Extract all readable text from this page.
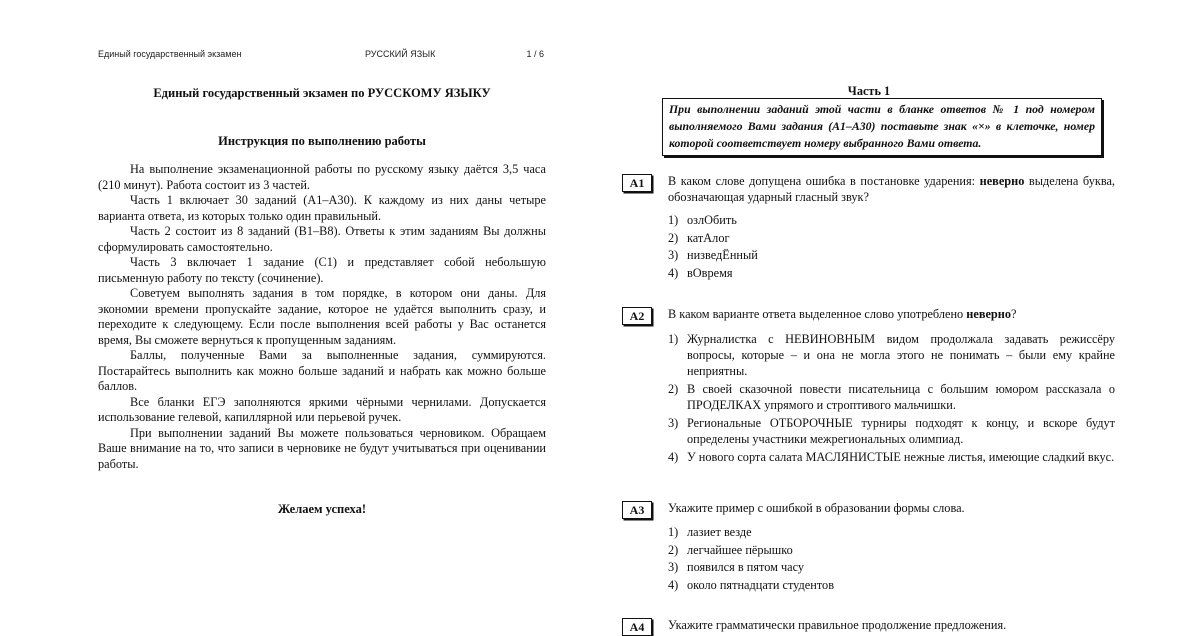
Единый государственный экзамен	РУССКИЙ ЯЗЫК	1 / 6
Единый государственный экзамен по РУССКОМУ ЯЗЫКУ
Инструкция по выполнению работы

На выполнение экзаменационной работы по русскому языку даётся 3,5 часа (210 минут). Работа состоит из 3 частей.

Часть 1 включает 30 заданий (А1–А30). К каждому из них даны четыре варианта ответа, из которых только один правильный.

Часть 2 состоит из 8 заданий (В1–В8). Ответы к этим заданиям Вы должны сформулировать самостоятельно.

Часть 3 включает 1 задание (С1) и представляет собой небольшую письменную работу по тексту (сочинение).

Советуем выполнять задания в том порядке, в котором они даны. Для экономии времени пропускайте задание, которое не удаётся выполнить сразу, и переходите к следующему. Если после выполнения всей работы у Вас останется время, Вы сможете вернуться к пропущенным заданиям.

Баллы, полученные Вами за выполненные задания, суммируются. Постарайтесь выполнить как можно больше заданий и набрать как можно больше баллов.

Все бланки ЕГЭ заполняются яркими чёрными чернилами. Допускается использование гелевой, капиллярной или перьевой ручек.

При выполнении заданий Вы можете пользоваться черновиком. Обращаем Ваше внимание на то, что записи в черновике не будут учитываться при оценивании работы.

Желаем успеха!

Часть 1
При выполнении заданий этой части в бланке ответов № 1 под номером выполняемого Вами задания (А1–А30) поставьте знак «×» в клеточке, номер которой соответствует номеру выбранного Вами ответа.
А1	В каком слове допущена ошибка в постановке ударения: неверно выделена буква, обозначающая ударный гласный звук?
1) озлОбить
2) катАлог
3) низведЁнный
4) вОвремя
А2	В каком варианте ответа выделенное слово употреблено неверно?
1) Журналистка с НЕВИНОВНЫМ видом продолжала задавать режиссёру вопросы, которые – и она не могла этого не понимать – были ему крайне неприятны.
2) В своей сказочной повести писательница с большим юмором рассказала о ПРОДЕЛКАХ упрямого и строптивого мальчишки.
3) Региональные ОТБОРОЧНЫЕ турниры подходят к концу, и вскоре будут определены участники межрегиональных олимпиад.
4) У нового сорта салата МАСЛЯНИСТЫЕ нежные листья, имеющие сладкий вкус.
А3	Укажите пример с ошибкой в образовании формы слова.
1) лазиет везде
2) легчайшее пёрышко
3) появился в пятом часу
4) около пятнадцати студентов
А4	Укажите грамматически правильное продолжение предложения.
